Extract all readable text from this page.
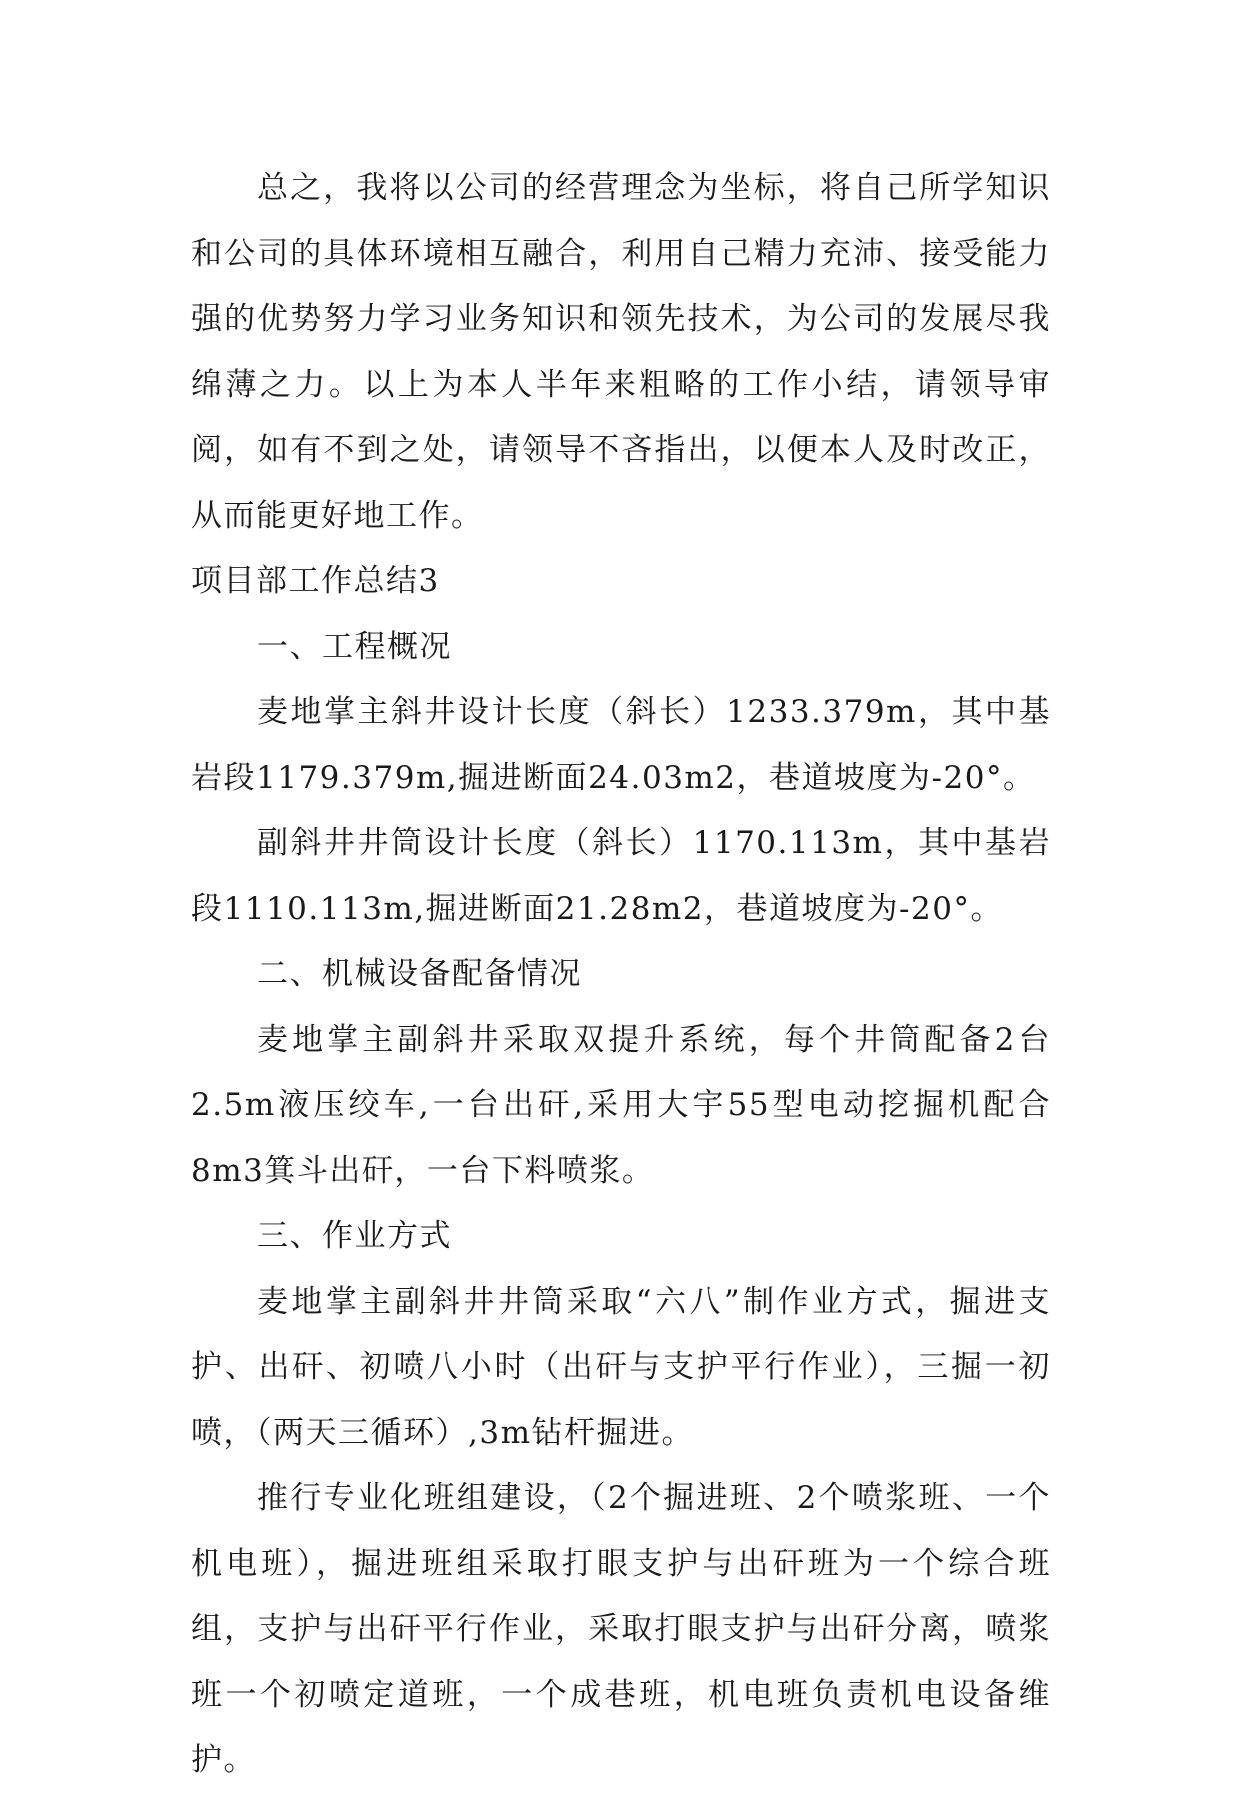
总之，我将以公司的经营理念为坐标，将自己所学知识和公司的具体环境相互融合，利用自己精力充沛、接受能力强的优势努力学习业务知识和领先技术，为公司的发展尽我绵薄之力。以上为本人半年来粗略的工作小结，请领导审阅，如有不到之处，请领导不吝指出，以便本人及时改正，从而能更好地工作。

项目部工作总结3

一、工程概况

麦地掌主斜井设计长度（斜长）1233.379m，其中基岩段1179.379m,掘进断面24.03m2，巷道坡度为-20°。

副斜井井筒设计长度（斜长）1170.113m，其中基岩段1110.113m,掘进断面21.28m2，巷道坡度为-20°。

二、机械设备配备情况

麦地掌主副斜井采取双提升系统，每个井筒配备2台2.5m液压绞车,一台出矸,采用大宇55型电动挖掘机配合8m3箕斗出矸，一台下料喷浆。

三、作业方式

麦地掌主副斜井井筒采取“六八”制作业方式，掘进支护、出矸、初喷八小时（出矸与支护平行作业），三掘一初喷，（两天三循环）,3m钻杆掘进。

推行专业化班组建设，（2个掘进班、2个喷浆班、一个机电班），掘进班组采取打眼支护与出矸班为一个综合班组，支护与出矸平行作业，采取打眼支护与出矸分离，喷浆班一个初喷定道班，一个成巷班，机电班负责机电设备维护。
